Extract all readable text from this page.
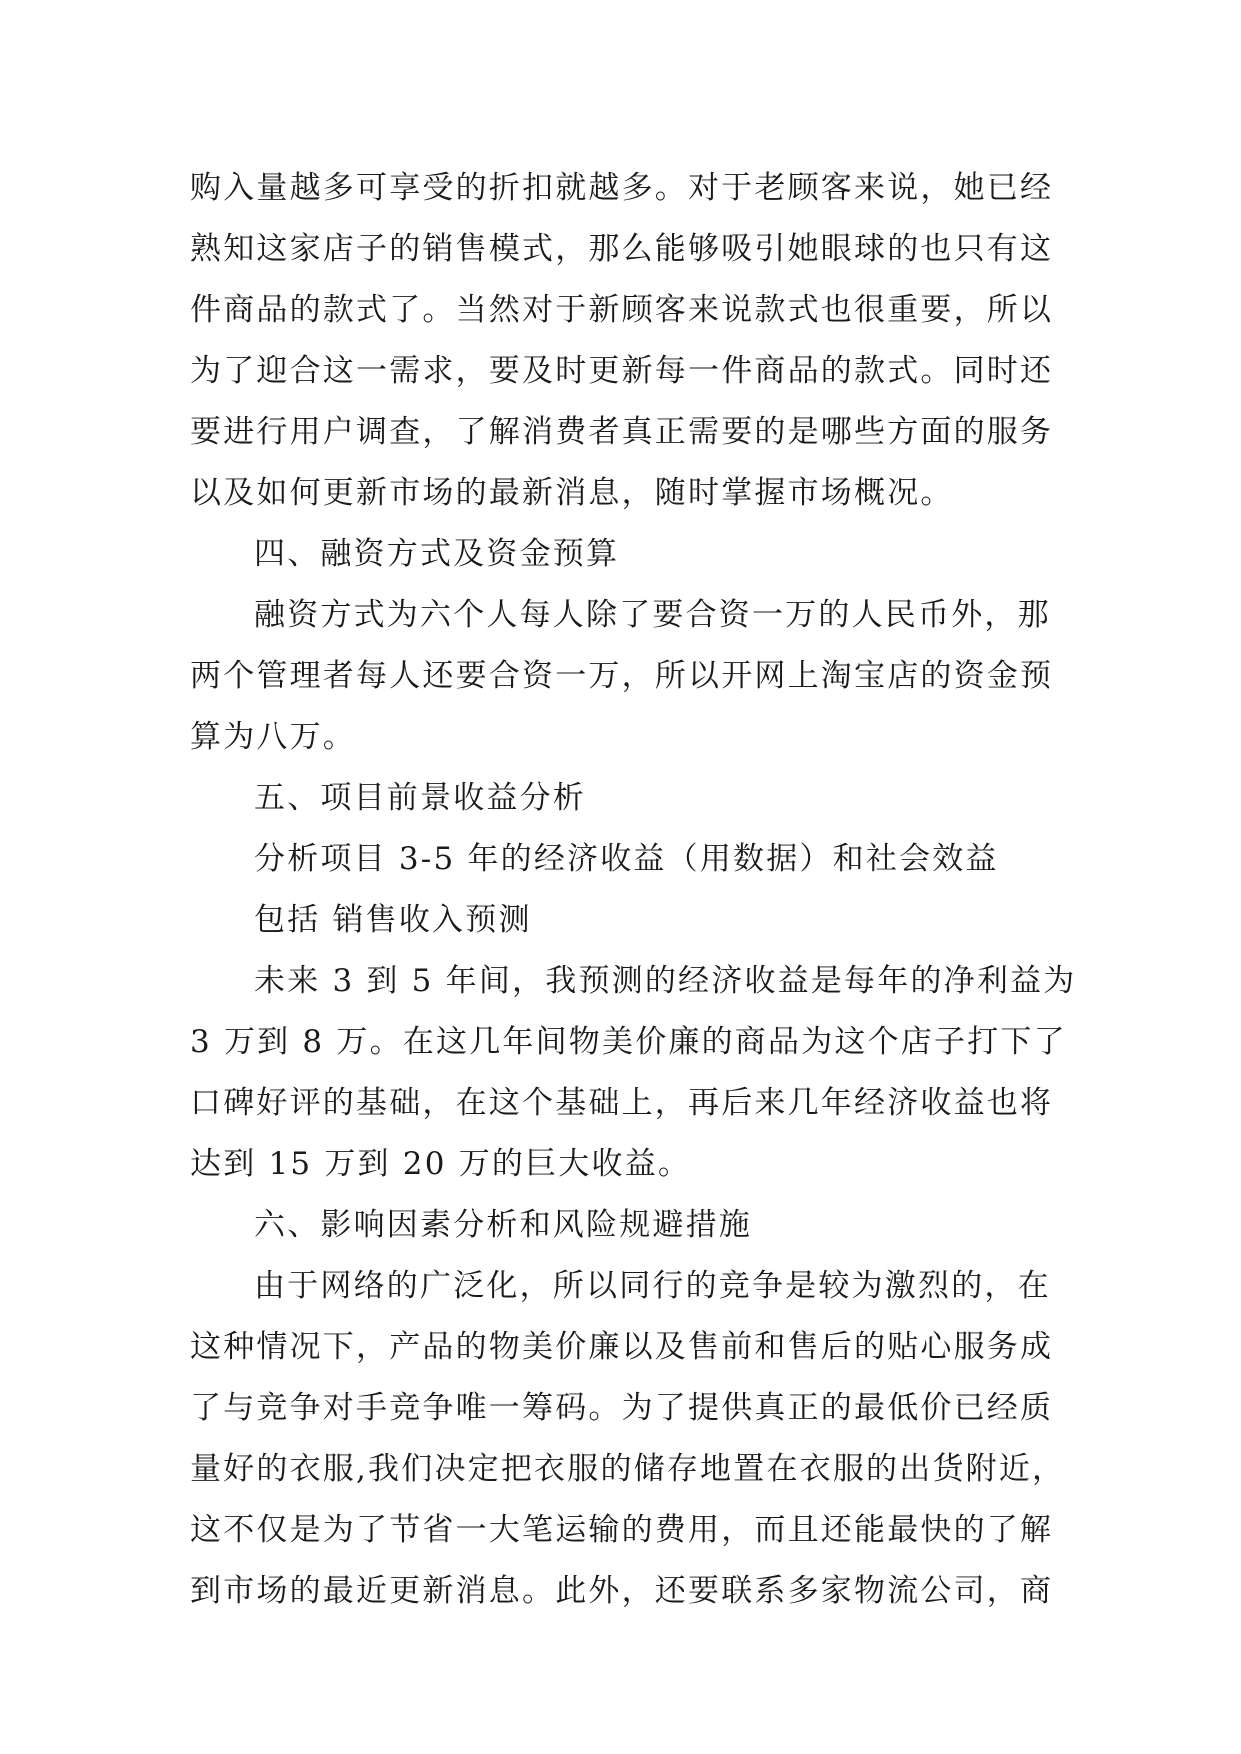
购入量越多可享受的折扣就越多。对于老顾客来说，她已经
熟知这家店子的销售模式，那么能够吸引她眼球的也只有这
件商品的款式了。当然对于新顾客来说款式也很重要，所以
为了迎合这一需求，要及时更新每一件商品的款式。同时还
要进行用户调查，了解消费者真正需要的是哪些方面的服务
以及如何更新市场的最新消息，随时掌握市场概况。
四、融资方式及资金预算
融资方式为六个人每人除了要合资一万的人民币外，那
两个管理者每人还要合资一万，所以开网上淘宝店的资金预
算为八万。
五、项目前景收益分析
分析项目 3-5 年的经济收益（用数据）和社会效益
包括 销售收入预测
未来 3 到 5 年间，我预测的经济收益是每年的净利益为
3 万到 8 万。在这几年间物美价廉的商品为这个店子打下了
口碑好评的基础，在这个基础上，再后来几年经济收益也将
达到 15 万到 20 万的巨大收益。
六、影响因素分析和风险规避措施
由于网络的广泛化，所以同行的竞争是较为激烈的，在
这种情况下，产品的物美价廉以及售前和售后的贴心服务成
了与竞争对手竞争唯一筹码。为了提供真正的最低价已经质
量好的衣服,我们决定把衣服的储存地置在衣服的出货附近，
这不仅是为了节省一大笔运输的费用，而且还能最快的了解
到市场的最近更新消息。此外，还要联系多家物流公司，商
